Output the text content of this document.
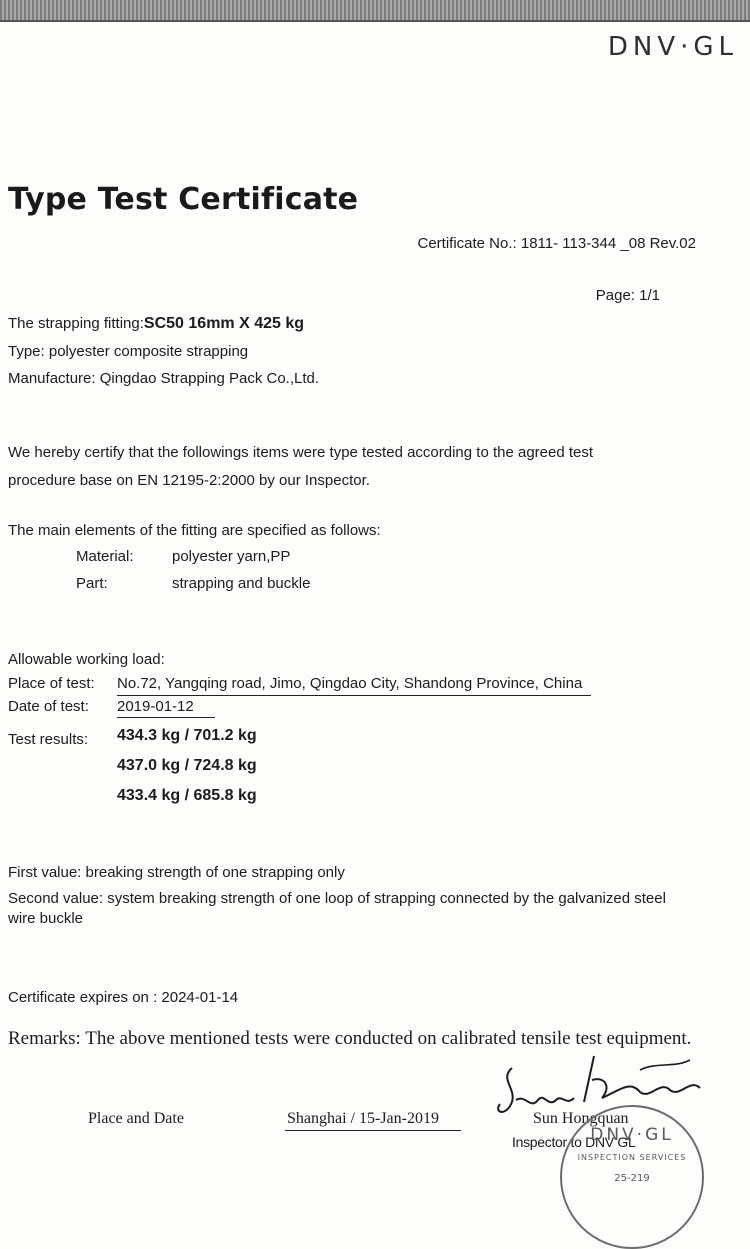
DNV·GL
Type Test Certificate
Certificate No.: 1811- 113-344 _08 Rev.02
Page: 1/1
The strapping fitting:SC50 16mm X 425 kg
Type: polyester composite strapping
Manufacture: Qingdao Strapping Pack Co.,Ltd.
We hereby certify that the followings items were type tested according to the agreed test
procedure base on EN 12195-2:2000 by our Inspector.
The main elements of the fitting are specified as follows:
Material:	polyester yarn,PP
Part:	strapping and buckle
Allowable working load:
Place of test: No.72, Yangqing road, Jimo, Qingdao City, Shandong Province, China
Date of test: 2019-01-12
Test results: 434.3 kg / 701.2 kg
437.0 kg / 724.8 kg
433.4 kg / 685.8 kg
First value: breaking strength of one strapping only
Second value: system breaking strength of one loop of strapping connected by the galvanized steel
wire buckle
Certificate expires on : 2024-01-14
Remarks: The above mentioned tests were conducted on calibrated tensile test equipment.
Place and Date	Shanghai / 15-Jan-2019	Sun Hongquan
Inspector to DNV GL
DNV·GL
INSPECTION SERVICES
25-219
